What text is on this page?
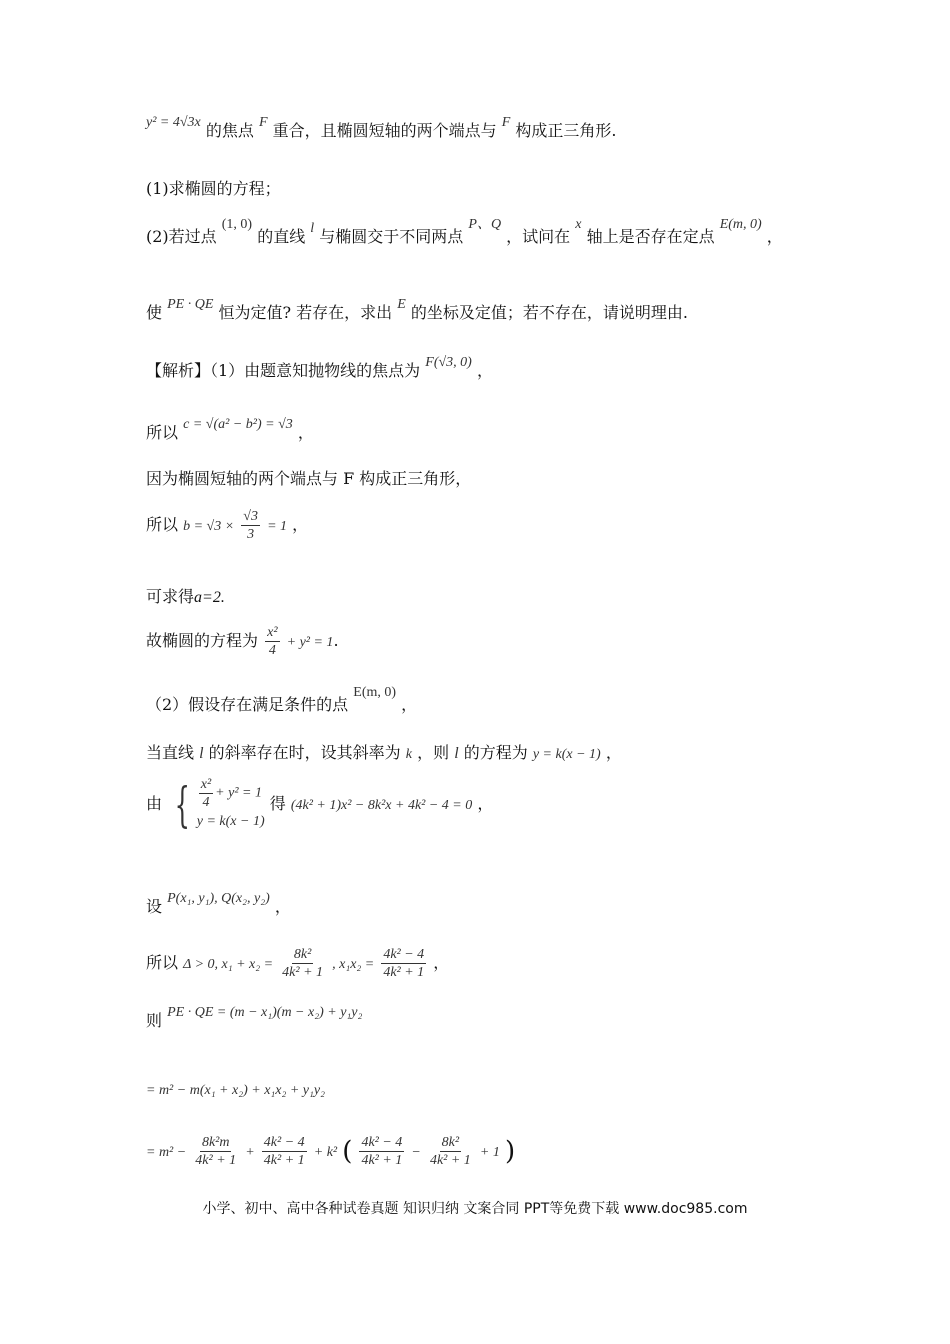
y² = 4√3x 的焦点 F 重合，且椭圆短轴的两个端点与 F 构成正三角形.
(1)求椭圆的方程；
(2)若过点 (1, 0) 的直线 l 与椭圆交于不同两点 P、Q ，试问在 x 轴上是否存在定点 E(m, 0) ，
使 PE · QE 恒为定值? 若存在，求出 E 的坐标及定值；若不存在，请说明理由.
【解析】（1）由题意知抛物线的焦点为 F(√3, 0) ，
所以 c = √(a² − b²) = √3 ，
因为椭圆短轴的两个端点与 F 构成正三角形，
所以 $b = √3 \times \frac{√3}{3} = 1$ ，
可求得a=2.
故椭圆的方程为 $\frac{\text{x²}}{4} + y^2 = 1$.
（2）假设存在满足条件的点 E(m, 0) ，
当直线 l 的斜率存在时，设其斜率为 k ，则 l 的方程为 y = k(x − 1) ，
由 { $\frac{\text{x²}}{4} + y^2 = 1$
y = k(x − 1)
得 (4k² + 1)x² − 8k²x + 4k² − 4 = 0 ，
设 P(x₁, y₁), Q(x₂, y₂) ，
所以 Δ > 0, $x_1 + x_2 = \frac{\text{8k²}}{\text{4k² + 1}}$ , $x_1x_2 = \frac{\text{4k² − 4}}{\text{4k² + 1}}$ ，
则 PE · QE = (m − x₁)(m − x₂) + y₁y₂
= m² − m(x₁ + x₂) + x₁x₂ + y₁y₂
= $m^2 - \frac{\text{8k²m}}{\text{4k² + 1}} + \frac{\text{4k² − 4}}{\text{4k² + 1}} + k^2$ ( $\frac{\text{4k² − 4}}{\text{4k² + 1}} - \frac{\text{8k²}}{\text{4k² + 1}} + 1$ )
小学、初中、高中各种试卷真题 知识归纳 文案合同 PPT等免费下载 www.doc985.com
